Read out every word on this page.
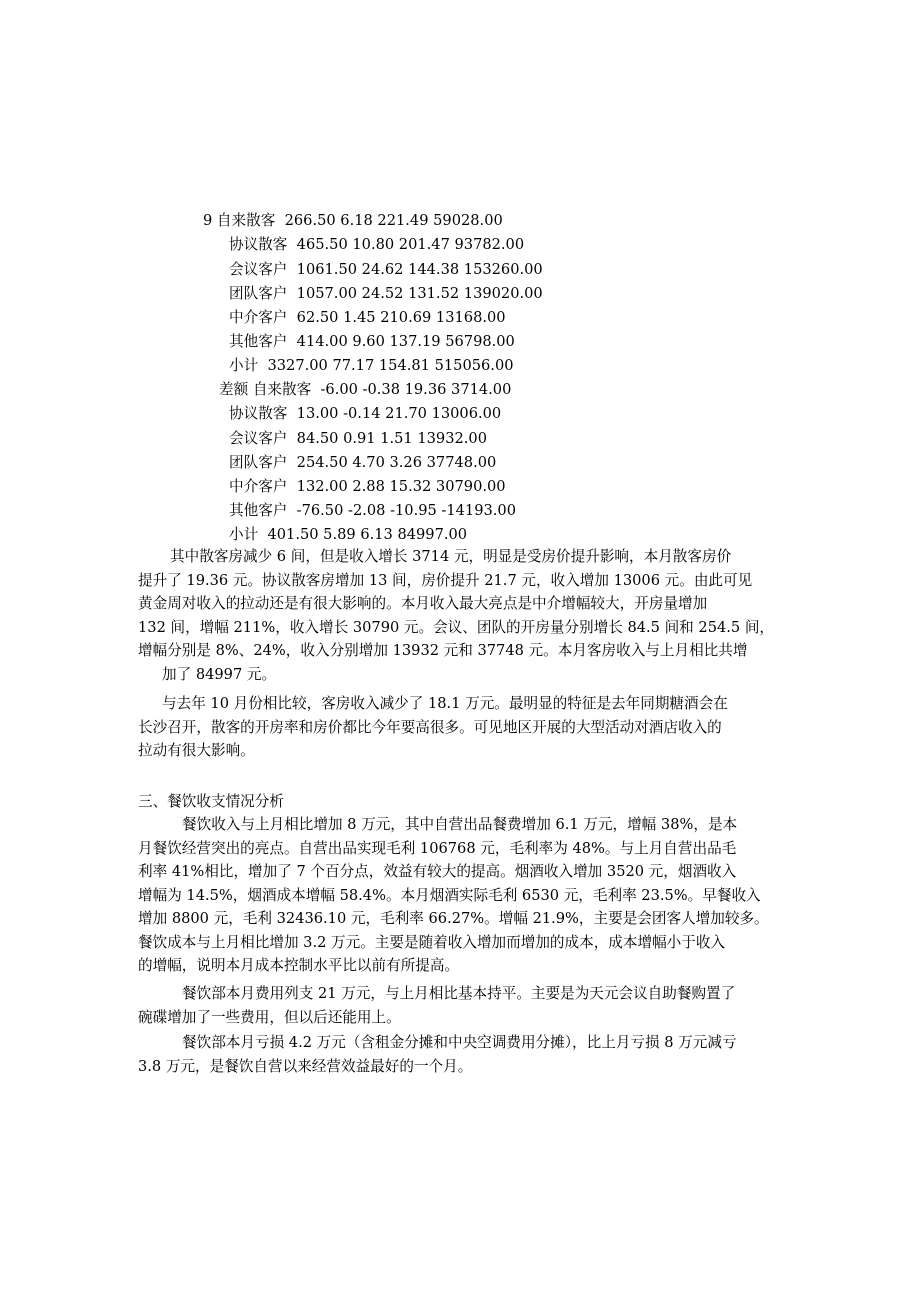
9 自来散客 266.50 6.18 221.49 59028.00
协议散客 465.50 10.80 201.47 93782.00
会议客户 1061.50 24.62 144.38 153260.00
团队客户 1057.00 24.52 131.52 139020.00
中介客户 62.50 1.45 210.69 13168.00
其他客户 414.00 9.60 137.19 56798.00
小计 3327.00 77.17 154.81 515056.00
差额 自来散客 -6.00 -0.38 19.36 3714.00
协议散客 13.00 -0.14 21.70 13006.00
会议客户 84.50 0.91 1.51 13932.00
团队客户 254.50 4.70 3.26 37748.00
中介客户 132.00 2.88 15.32 30790.00
其他客户 -76.50 -2.08 -10.95 -14193.00
小计 401.50 5.89 6.13 84997.00

其中散客房减少 6 间，但是收入增长 3714 元，明显是受房价提升影响，本月散客房价

提升了 19.36 元。协议散客房增加 13 间，房价提升 21.7 元，收入增加 13006 元。由此可见

黄金周对收入的拉动还是有很大影响的。本月收入最大亮点是中介增幅较大，开房量增加

132 间，增幅 211%，收入增长 30790 元。会议、团队的开房量分别增长 84.5 间和 254.5 间，

增幅分别是 8%、24%，收入分别增加 13932 元和 37748 元。本月客房收入与上月相比共增

加了 84997 元。

与去年 10 月份相比较，客房收入减少了 18.1 万元。最明显的特征是去年同期糖酒会在

长沙召开，散客的开房率和房价都比今年要高很多。可见地区开展的大型活动对酒店收入的

拉动有很大影响。

三、餐饮收支情况分析

餐饮收入与上月相比增加 8 万元，其中自营出品餐费增加 6.1 万元，增幅 38%，是本

月餐饮经营突出的亮点。自营出品实现毛利 106768 元，毛利率为 48%。与上月自营出品毛

利率 41%相比，增加了 7 个百分点，效益有较大的提高。烟酒收入增加 3520 元，烟酒收入

增幅为 14.5%，烟酒成本增幅 58.4%。本月烟酒实际毛利 6530 元，毛利率 23.5%。早餐收入

增加 8800 元，毛利 32436.10 元，毛利率 66.27%。增幅 21.9%，主要是会团客人增加较多。

餐饮成本与上月相比增加 3.2 万元。主要是随着收入增加而增加的成本，成本增幅小于收入

的增幅，说明本月成本控制水平比以前有所提高。

餐饮部本月费用列支 21 万元，与上月相比基本持平。主要是为天元会议自助餐购置了

碗碟增加了一些费用，但以后还能用上。

餐饮部本月亏损 4.2 万元（含租金分摊和中央空调费用分摊），比上月亏损 8 万元减亏

3.8 万元，是餐饮自营以来经营效益最好的一个月。
